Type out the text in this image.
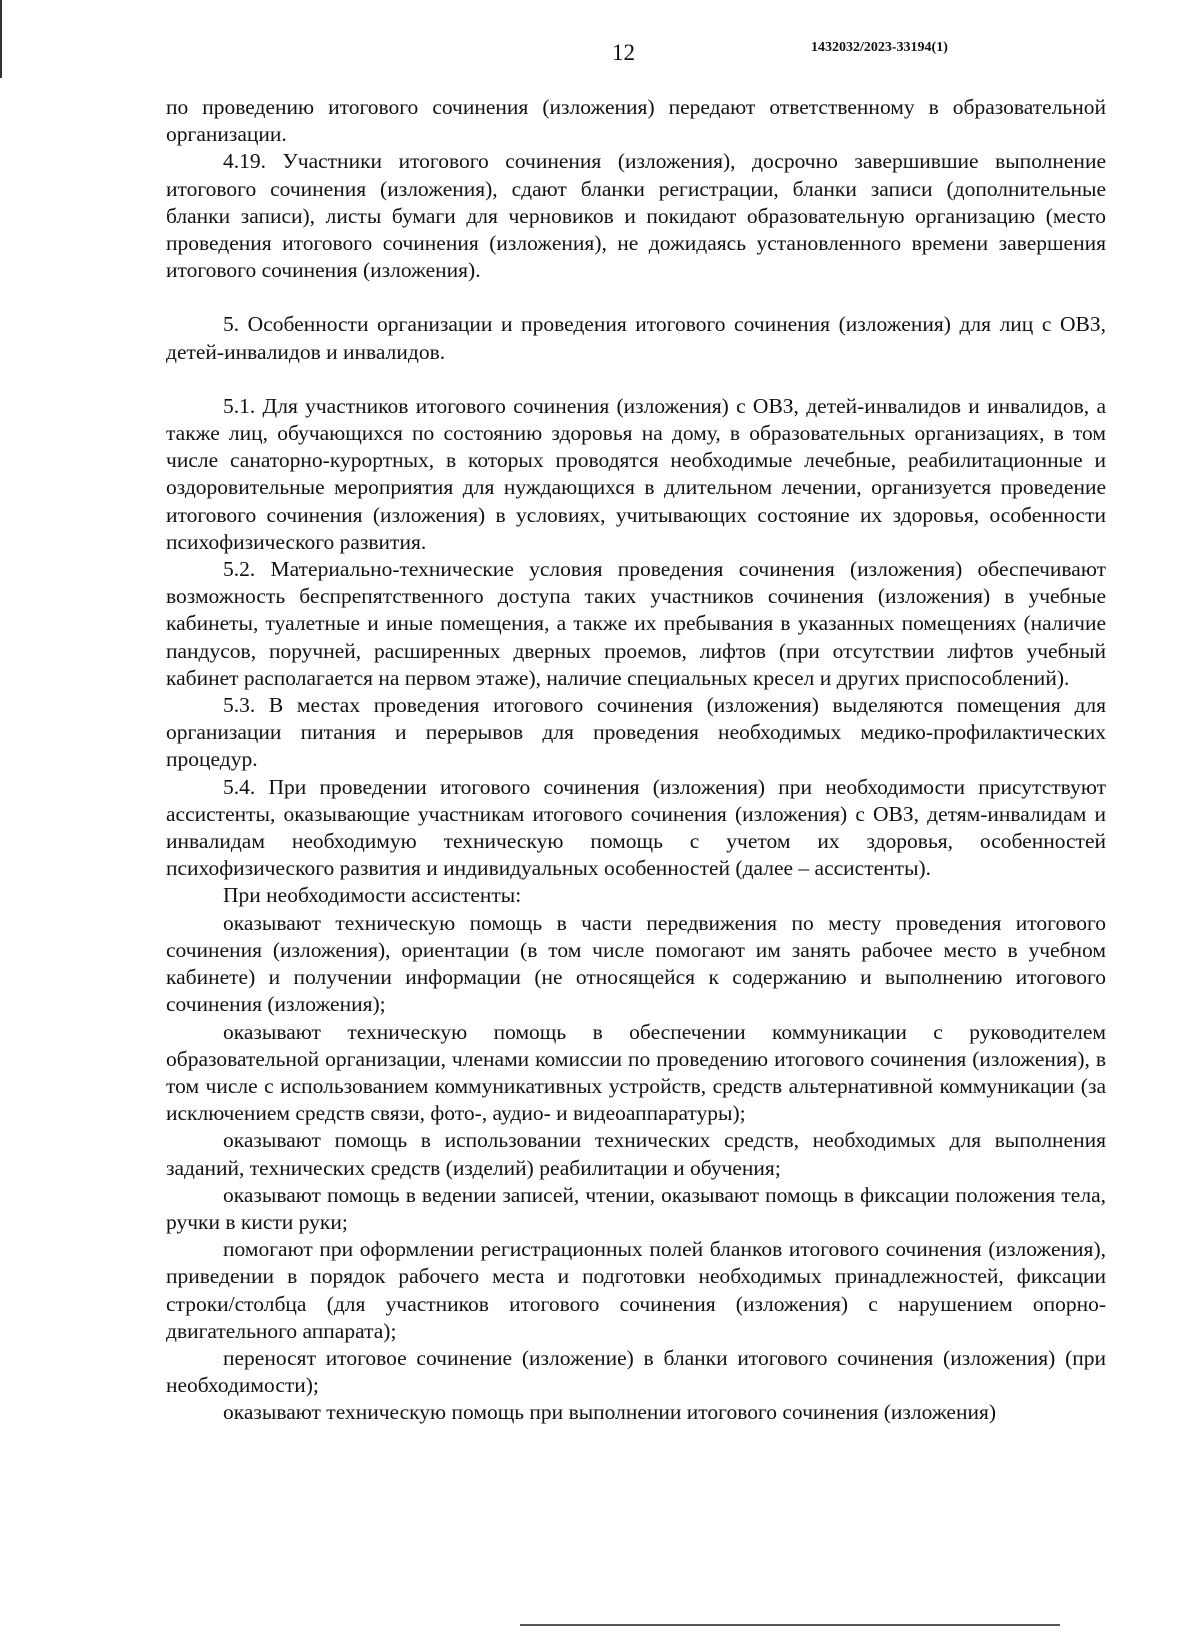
12	1432032/2023-33194(1)

по проведению итогового сочинения (изложения) передают ответственному в образовательной организации.

4.19. Участники итогового сочинения (изложения), досрочно завершившие выполнение итогового сочинения (изложения), сдают бланки регистрации, бланки записи (дополнительные бланки записи), листы бумаги для черновиков и покидают образовательную организацию (место проведения итогового сочинения (изложения), не дожидаясь установленного времени завершения итогового сочинения (изложения).

5. Особенности организации и проведения итогового сочинения (изложения) для лиц с ОВЗ, детей-инвалидов и инвалидов.

5.1. Для участников итогового сочинения (изложения) с ОВЗ, детей-инвалидов и инвалидов, а также лиц, обучающихся по состоянию здоровья на дому, в образовательных организациях, в том числе санаторно-курортных, в которых проводятся необходимые лечебные, реабилитационные и оздоровительные мероприятия для нуждающихся в длительном лечении, организуется проведение итогового сочинения (изложения) в условиях, учитывающих состояние их здоровья, особенности психофизического развития.

5.2. Материально-технические условия проведения сочинения (изложения) обеспечивают возможность беспрепятственного доступа таких участников сочинения (изложения) в учебные кабинеты, туалетные и иные помещения, а также их пребывания в указанных помещениях (наличие пандусов, поручней, расширенных дверных проемов, лифтов (при отсутствии лифтов учебный кабинет располагается на первом этаже), наличие специальных кресел и других приспособлений).

5.3. В местах проведения итогового сочинения (изложения) выделяются помещения для организации питания и перерывов для проведения необходимых медико-профилактических процедур.

5.4. При проведении итогового сочинения (изложения) при необходимости присутствуют ассистенты, оказывающие участникам итогового сочинения (изложения) с ОВЗ, детям-инвалидам и инвалидам необходимую техническую помощь с учетом их здоровья, особенностей психофизического развития и индивидуальных особенностей (далее – ассистенты).

При необходимости ассистенты:

оказывают техническую помощь в части передвижения по месту проведения итогового сочинения (изложения), ориентации (в том числе помогают им занять рабочее место в учебном кабинете) и получении информации (не относящейся к содержанию и выполнению итогового сочинения (изложения);

оказывают техническую помощь в обеспечении коммуникации с руководителем образовательной организации, членами комиссии по проведению итогового сочинения (изложения), в том числе с использованием коммуникативных устройств, средств альтернативной коммуникации (за исключением средств связи, фото-, аудио- и видеоаппаратуры);

оказывают помощь в использовании технических средств, необходимых для выполнения заданий, технических средств (изделий) реабилитации и обучения;

оказывают помощь в ведении записей, чтении, оказывают помощь в фиксации положения тела, ручки в кисти руки;

помогают при оформлении регистрационных полей бланков итогового сочинения (изложения), приведении в порядок рабочего места и подготовки необходимых принадлежностей, фиксации строки/столбца (для участников итогового сочинения (изложения) с нарушением опорно-двигательного аппарата);

переносят итоговое сочинение (изложение) в бланки итогового сочинения (изложения) (при необходимости);

оказывают техническую помощь при выполнении итогового сочинения (изложения)
